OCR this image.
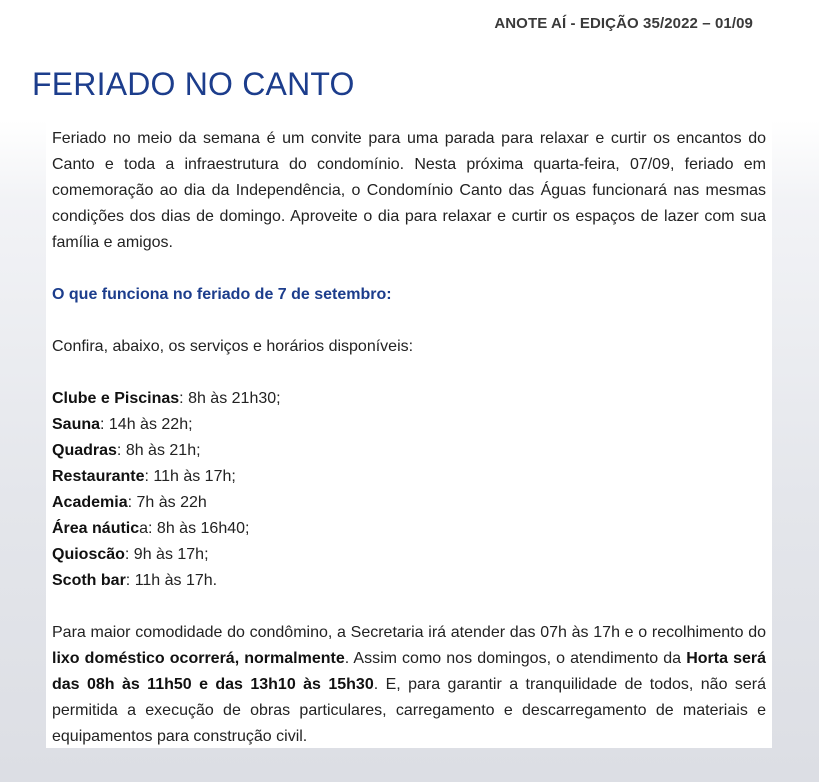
ANOTE AÍ - EDIÇÃO 35/2022 – 01/09
FERIADO NO CANTO

Feriado no meio da semana é um convite para uma parada para relaxar e curtir os encantos do Canto e toda a infraestrutura do condomínio. Nesta próxima quarta-feira, 07/09, feriado em comemoração ao dia da Independência, o Condomínio Canto das Águas funcionará nas mesmas condições dos dias de domingo. Aproveite o dia para relaxar e curtir os espaços de lazer com sua família e amigos.

O que funciona no feriado de 7 de setembro:

Confira, abaixo, os serviços e horários disponíveis:

Clube e Piscinas: 8h às 21h30;

Sauna: 14h às 22h;

Quadras: 8h às 21h;

Restaurante: 11h às 17h;

Academia: 7h às 22h

Área náutica: 8h às 16h40;

Quioscão: 9h às 17h;

Scoth bar: 11h às 17h.

Para maior comodidade do condômino, a Secretaria irá atender das 07h às 17h e o recolhimento do lixo doméstico ocorrerá, normalmente. Assim como nos domingos, o atendimento da Horta será das 08h às 11h50 e das 13h10 às 15h30. E, para garantir a tranquilidade de todos, não será permitida a execução de obras particulares, carregamento e descarregamento de materiais e equipamentos para construção civil.
